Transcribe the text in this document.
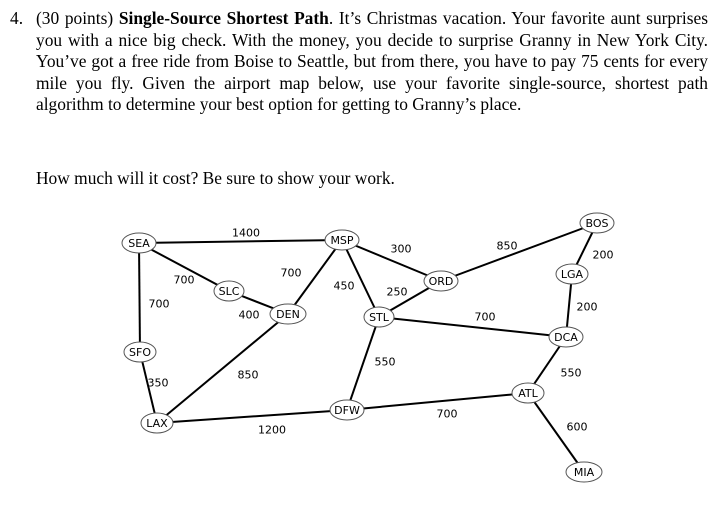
4. (30 points) Single-Source Shortest Path. It’s Christmas vacation. Your favorite aunt surprises you with a nice big check. With the money, you decide to surprise Granny in New York City. You’ve got a free ride from Boise to Seattle, but from there, you have to pay 75 cents for every mile you fly. Given the airport map below, use your favorite single-source, shortest path algorithm to determine your best option for getting to Granny’s place.
How much will it cost? Be sure to show your work.
1400
700
700
400
700
450
300
250
850
200
200
700
550
550
600
700
350
850
1200
SEA	MSP
BOS
LGA
ORD
SLC
DEN	STL
DCA
SFO
ATL
DFW
LAX
MIA
